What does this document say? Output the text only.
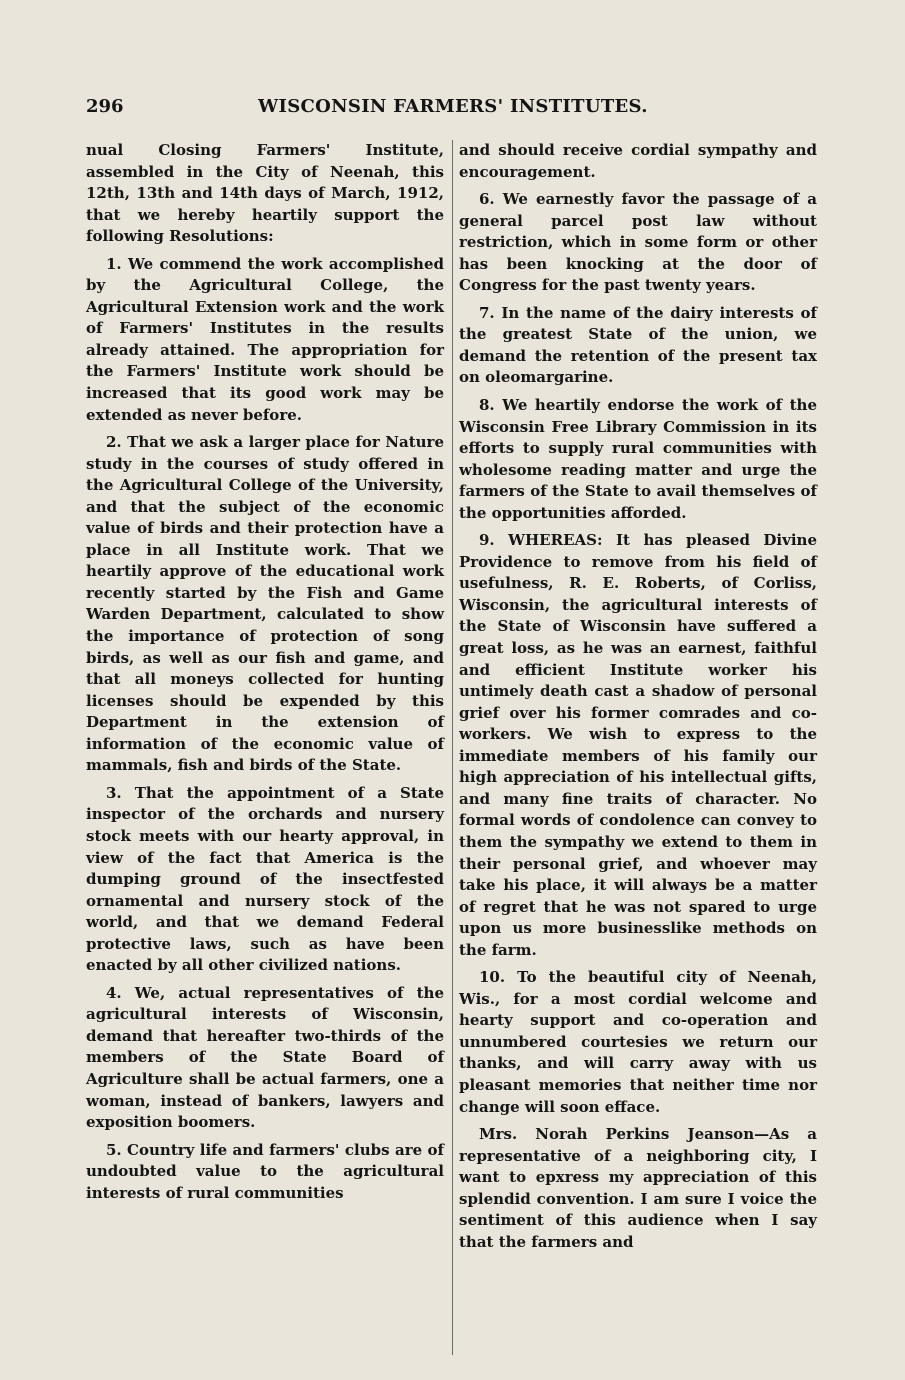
296	WISCONSIN FARMERS' INSTITUTES.

nual Closing Farmers' Institute, assembled in the City of Neenah, this 12th, 13th and 14th days of March, 1912, that we hereby heartily support the following Resolutions:

1. We commend the work accomplished by the Agricultural College, the Agricultural Extension work and the work of Farmers' Institutes in the results already attained. The appropriation for the Farmers' Institute work should be increased that its good work may be extended as never before.

2. That we ask a larger place for Nature study in the courses of study offered in the Agricultural College of the University, and that the subject of the economic value of birds and their protection have a place in all Institute work. That we heartily approve of the educational work recently started by the Fish and Game Warden Department, calculated to show the importance of protection of song birds, as well as our fish and game, and that all moneys collected for hunting licenses should be expended by this Department in the extension of information of the economic value of mammals, fish and birds of the State.

3. That the appointment of a State inspector of the orchards and nursery stock meets with our hearty approval, in view of the fact that America is the dumping ground of the insectfested ornamental and nursery stock of the world, and that we demand Federal protective laws, such as have been enacted by all other civilized nations.

4. We, actual representatives of the agricultural interests of Wisconsin, demand that hereafter two-thirds of the members of the State Board of Agriculture shall be actual farmers, one a woman, instead of bankers, lawyers and exposition boomers.

5. Country life and farmers' clubs are of undoubted value to the agricultural interests of rural communities

and should receive cordial sympathy and encouragement.

6. We earnestly favor the passage of a general parcel post law without restriction, which in some form or other has been knocking at the door of Congress for the past twenty years.

7. In the name of the dairy interests of the greatest State of the union, we demand the retention of the present tax on oleomargarine.

8. We heartily endorse the work of the Wisconsin Free Library Commission in its efforts to supply rural communities with wholesome reading matter and urge the farmers of the State to avail themselves of the opportunities afforded.

9. WHEREAS: It has pleased Divine Providence to remove from his field of usefulness, R. E. Roberts, of Corliss, Wisconsin, the agricultural interests of the State of Wisconsin have suffered a great loss, as he was an earnest, faithful and efficient Institute worker his untimely death cast a shadow of personal grief over his former comrades and co-workers. We wish to express to the immediate members of his family our high appreciation of his intellectual gifts, and many fine traits of character. No formal words of condolence can convey to them the sympathy we extend to them in their personal grief, and whoever may take his place, it will always be a matter of regret that he was not spared to urge upon us more businesslike methods on the farm.

10. To the beautiful city of Neenah, Wis., for a most cordial welcome and hearty support and co-operation and unnumbered courtesies we return our thanks, and will carry away with us pleasant memories that neither time nor change will soon efface.

Mrs. Norah Perkins Jeanson—As a representative of a neighboring city, I want to epxress my appreciation of this splendid convention. I am sure I voice the sentiment of this audience when I say that the farmers and
